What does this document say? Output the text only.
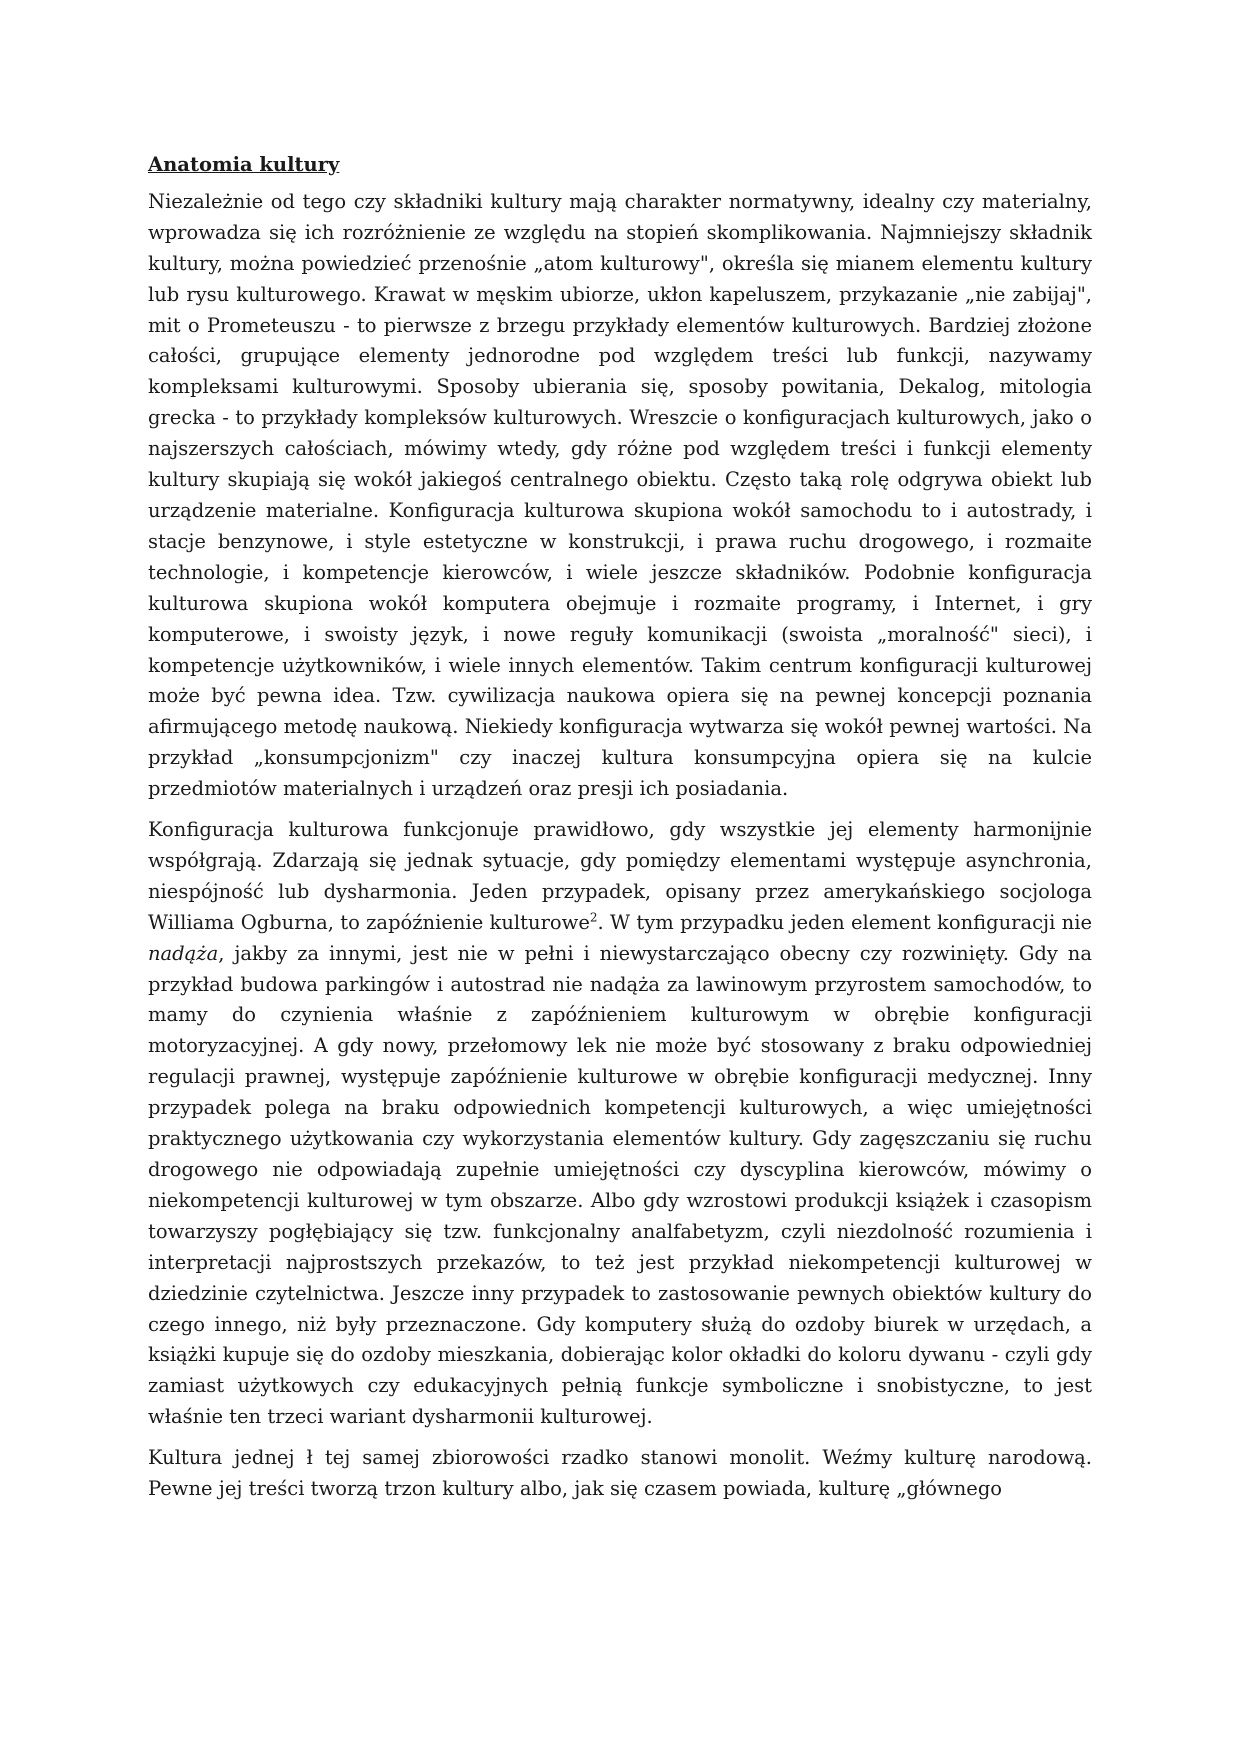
Anatomia kultury

Niezależnie od tego czy składniki kultury mają charakter normatywny, idealny czy materialny, wprowadza się ich rozróżnienie ze względu na stopień skomplikowania. Najmniejszy składnik kultury, można powiedzieć przenośnie „atom kulturowy", określa się mianem elementu kultury lub rysu kulturowego. Krawat w męskim ubiorze, ukłon kapeluszem, przykazanie „nie zabijaj", mit o Prometeuszu - to pierwsze z brzegu przykłady elementów kulturowych. Bardziej złożone całości, grupujące elementy jednorodne pod względem treści lub funkcji, nazywamy kompleksami kulturowymi. Sposoby ubierania się, sposoby powitania, Dekalog, mitologia grecka - to przykłady kompleksów kulturowych. Wreszcie o konfiguracjach kulturowych, jako o najszerszych całościach, mówimy wtedy, gdy różne pod względem treści i funkcji elementy kultury skupiają się wokół jakiegoś centralnego obiektu. Często taką rolę odgrywa obiekt lub urządzenie materialne. Konfiguracja kulturowa skupiona wokół samochodu to i autostrady, i stacje benzynowe, i style estetyczne w konstrukcji, i prawa ruchu drogowego, i rozmaite technologie, i kompetencje kierowców, i wiele jeszcze składników. Podobnie konfiguracja kulturowa skupiona wokół komputera obejmuje i rozmaite programy, i Internet, i gry komputerowe, i swoisty język, i nowe reguły komunikacji (swoista „moralność" sieci), i kompetencje użytkowników, i wiele innych elementów. Takim centrum konfiguracji kulturowej może być pewna idea. Tzw. cywilizacja naukowa opiera się na pewnej koncepcji poznania afirmującego metodę naukową. Niekiedy konfiguracja wytwarza się wokół pewnej wartości. Na przykład „konsumpcjonizm" czy inaczej kultura konsumpcyjna opiera się na kulcie przedmiotów materialnych i urządzeń oraz presji ich posiadania.

Konfiguracja kulturowa funkcjonuje prawidłowo, gdy wszystkie jej elementy harmonijnie współgrają. Zdarzają się jednak sytuacje, gdy pomiędzy elementami występuje asynchronia, niespójność lub dysharmonia. Jeden przypadek, opisany przez amerykańskiego socjologa Williama Ogburna, to zapóźnienie kulturowe$^2$. W tym przypadku jeden element konfiguracji nie nadąża, jakby za innymi, jest nie w pełni i niewystarczająco obecny czy rozwinięty. Gdy na przykład budowa parkingów i autostrad nie nadąża za lawinowym przyrostem samochodów, to mamy do czynienia właśnie z zapóźnieniem kulturowym w obrębie konfiguracji motoryzacyjnej. A gdy nowy, przełomowy lek nie może być stosowany z braku odpowiedniej regulacji prawnej, występuje zapóźnienie kulturowe w obrębie konfiguracji medycznej. Inny przypadek polega na braku odpowiednich kompetencji kulturowych, a więc umiejętności praktycznego użytkowania czy wykorzystania elementów kultury. Gdy zagęszczaniu się ruchu drogowego nie odpowiadają zupełnie umiejętności czy dyscyplina kierowców, mówimy o niekompetencji kulturowej w tym obszarze. Albo gdy wzrostowi produkcji książek i czasopism towarzyszy pogłębiający się tzw. funkcjonalny analfabetyzm, czyli niezdolność rozumienia i interpretacji najprostszych przekazów, to też jest przykład niekompetencji kulturowej w dziedzinie czytelnictwa. Jeszcze inny przypadek to zastosowanie pewnych obiektów kultury do czego innego, niż były przeznaczone. Gdy komputery służą do ozdoby biurek w urzędach, a książki kupuje się do ozdoby mieszkania, dobierając kolor okładki do koloru dywanu - czyli gdy zamiast użytkowych czy edukacyjnych pełnią funkcje symboliczne i snobistyczne, to jest właśnie ten trzeci wariant dysharmonii kulturowej.

Kultura jednej ł tej samej zbiorowości rzadko stanowi monolit. Weźmy kulturę narodową. Pewne jej treści tworzą trzon kultury albo, jak się czasem powiada, kulturę „głównego
